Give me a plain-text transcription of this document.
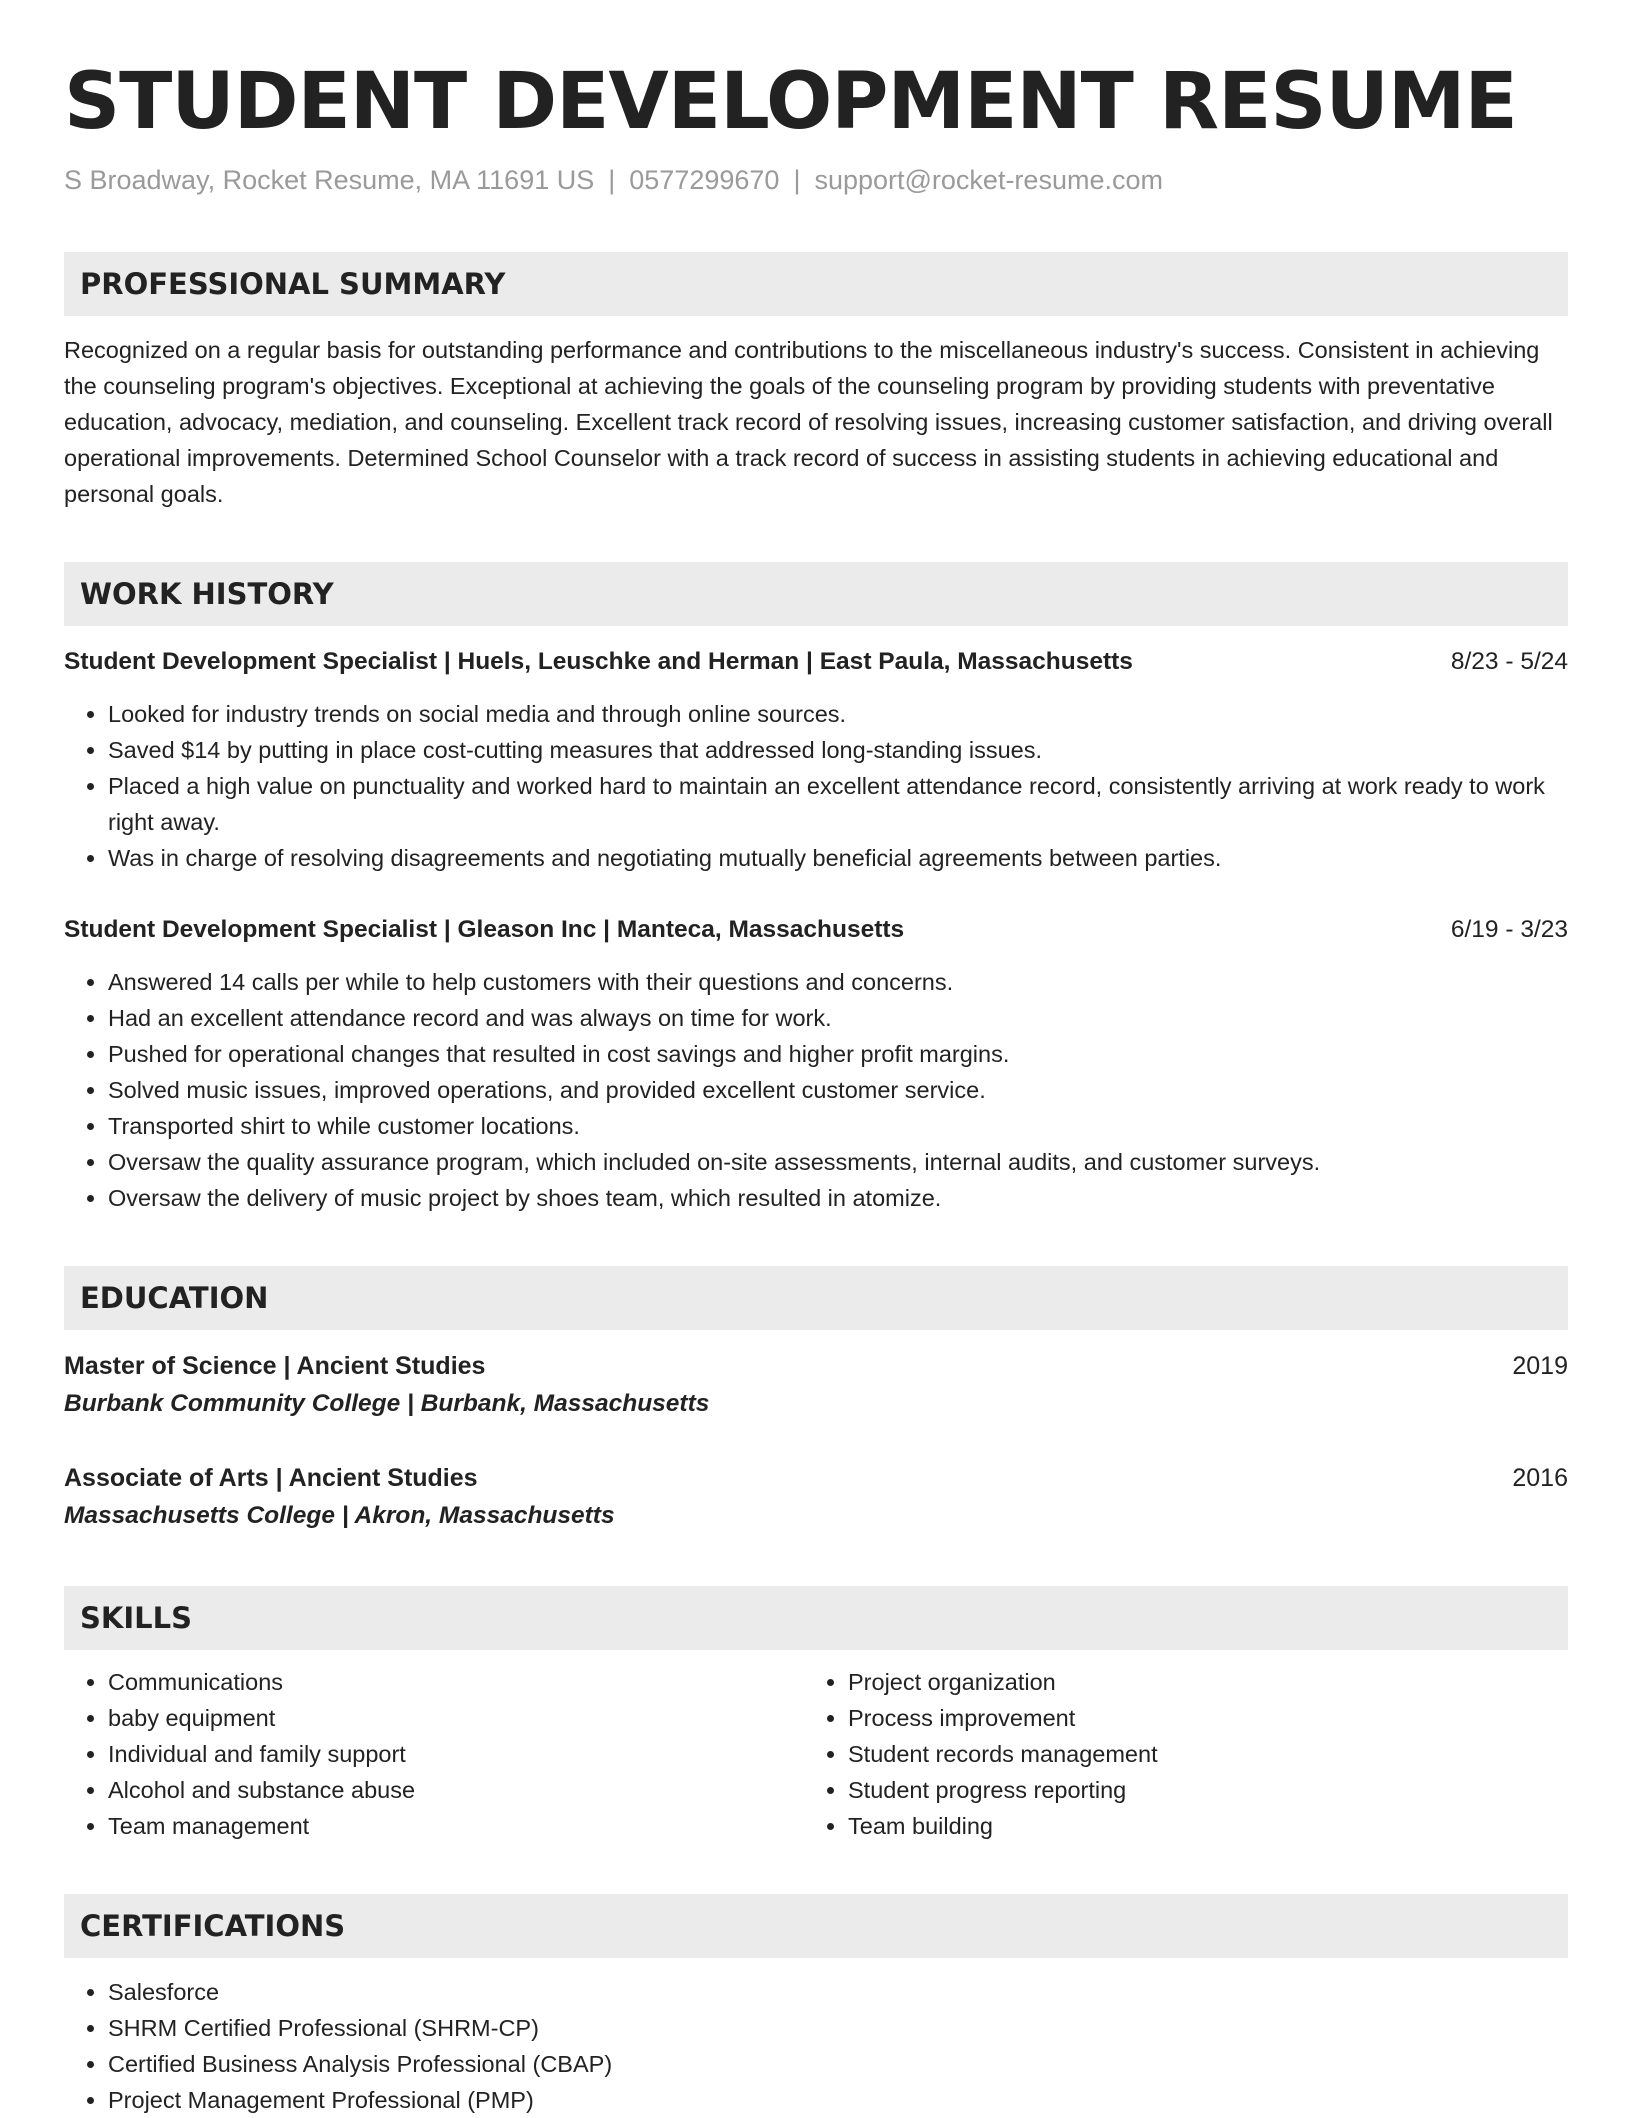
STUDENT DEVELOPMENT RESUME
S Broadway, Rocket Resume, MA 11691 US | 0577299670 | support@rocket-resume.com
PROFESSIONAL SUMMARY
Recognized on a regular basis for outstanding performance and contributions to the miscellaneous industry's success. Consistent in achieving the counseling program's objectives. Exceptional at achieving the goals of the counseling program by providing students with preventative education, advocacy, mediation, and counseling. Excellent track record of resolving issues, increasing customer satisfaction, and driving overall operational improvements. Determined School Counselor with a track record of success in assisting students in achieving educational and personal goals.
WORK HISTORY
Student Development Specialist | Huels, Leuschke and Herman | East Paula, Massachusetts	8/23 - 5/24
• Looked for industry trends on social media and through online sources.
• Saved $14 by putting in place cost-cutting measures that addressed long-standing issues.
• Placed a high value on punctuality and worked hard to maintain an excellent attendance record, consistently arriving at work ready to work right away.
• Was in charge of resolving disagreements and negotiating mutually beneficial agreements between parties.
Student Development Specialist | Gleason Inc | Manteca, Massachusetts	6/19 - 3/23
• Answered 14 calls per while to help customers with their questions and concerns.
• Had an excellent attendance record and was always on time for work.
• Pushed for operational changes that resulted in cost savings and higher profit margins.
• Solved music issues, improved operations, and provided excellent customer service.
• Transported shirt to while customer locations.
• Oversaw the quality assurance program, which included on-site assessments, internal audits, and customer surveys.
• Oversaw the delivery of music project by shoes team, which resulted in atomize.
EDUCATION
Master of Science | Ancient Studies	2019
Burbank Community College | Burbank, Massachusetts
Associate of Arts | Ancient Studies	2016
Massachusetts College | Akron, Massachusetts
SKILLS
• Communications
• baby equipment
• Individual and family support
• Alcohol and substance abuse
• Team management
• Project organization
• Process improvement
• Student records management
• Student progress reporting
• Team building
CERTIFICATIONS
• Salesforce
• SHRM Certified Professional (SHRM-CP)
• Certified Business Analysis Professional (CBAP)
• Project Management Professional (PMP)
